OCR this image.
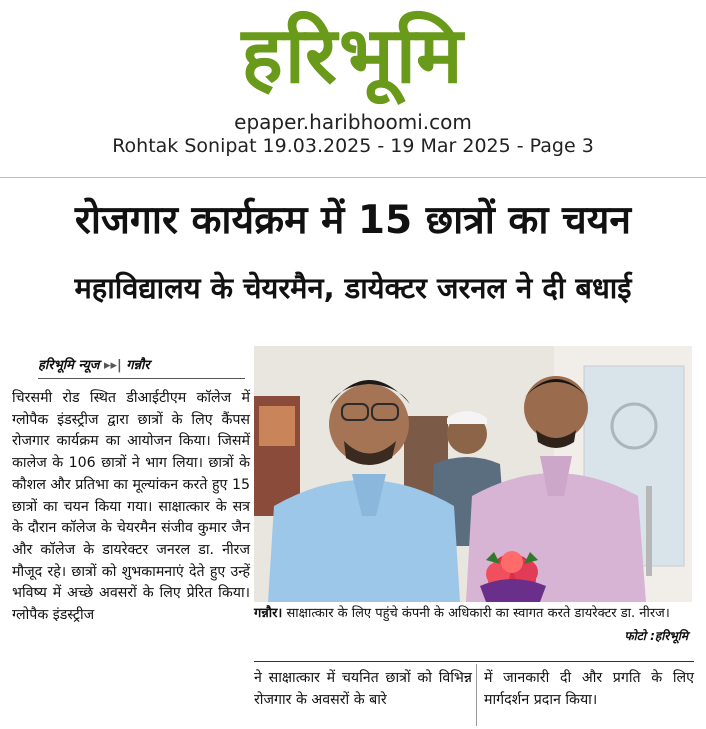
हरिभूमि
epaper.haribhoomi.com
Rohtak Sonipat 19.03.2025 - 19 Mar 2025 - Page 3
रोजगार कार्यक्रम में 15 छात्रों का चयन
महाविद्यालय के चेयरमैन, डायेक्टर जरनल ने दी बधाई
हरिभूमि न्यूज ▸▸| गन्नौर
चिरसमी रोड स्थित डीआईटीएम कॉलेज में ग्लोपैक इंडस्ट्रीज द्वारा छात्रों के लिए कैंपस रोजगार कार्यक्रम का आयोजन किया। जिसमें कालेज के 106 छात्रों ने भाग लिया। छात्रों के कौशल और प्रतिभा का मूल्यांकन करते हुए 15 छात्रों का चयन किया गया। साक्षात्कार के सत्र के दौरान कॉलेज के चेयरमैन संजीव कुमार जैन और कॉलेज के डायरेक्टर जनरल डा. नीरज मौजूद रहे। छात्रों को शुभकामनाएं देते हुए उन्हें भविष्य में अच्छे अवसरों के लिए प्रेरित किया। ग्लोपैक इंडस्ट्रीज	गन्नौर। साक्षात्कार के लिए पहुंचे कंपनी के अधिकारी का स्वागत करते डायरेक्टर डा. नीरज।
फोटो :हरिभूमि
ने साक्षात्कार में चयनित छात्रों को विभिन्न रोजगार के अवसरों के बारे
में जानकारी दी और प्रगति के लिए मार्गदर्शन प्रदान किया।
